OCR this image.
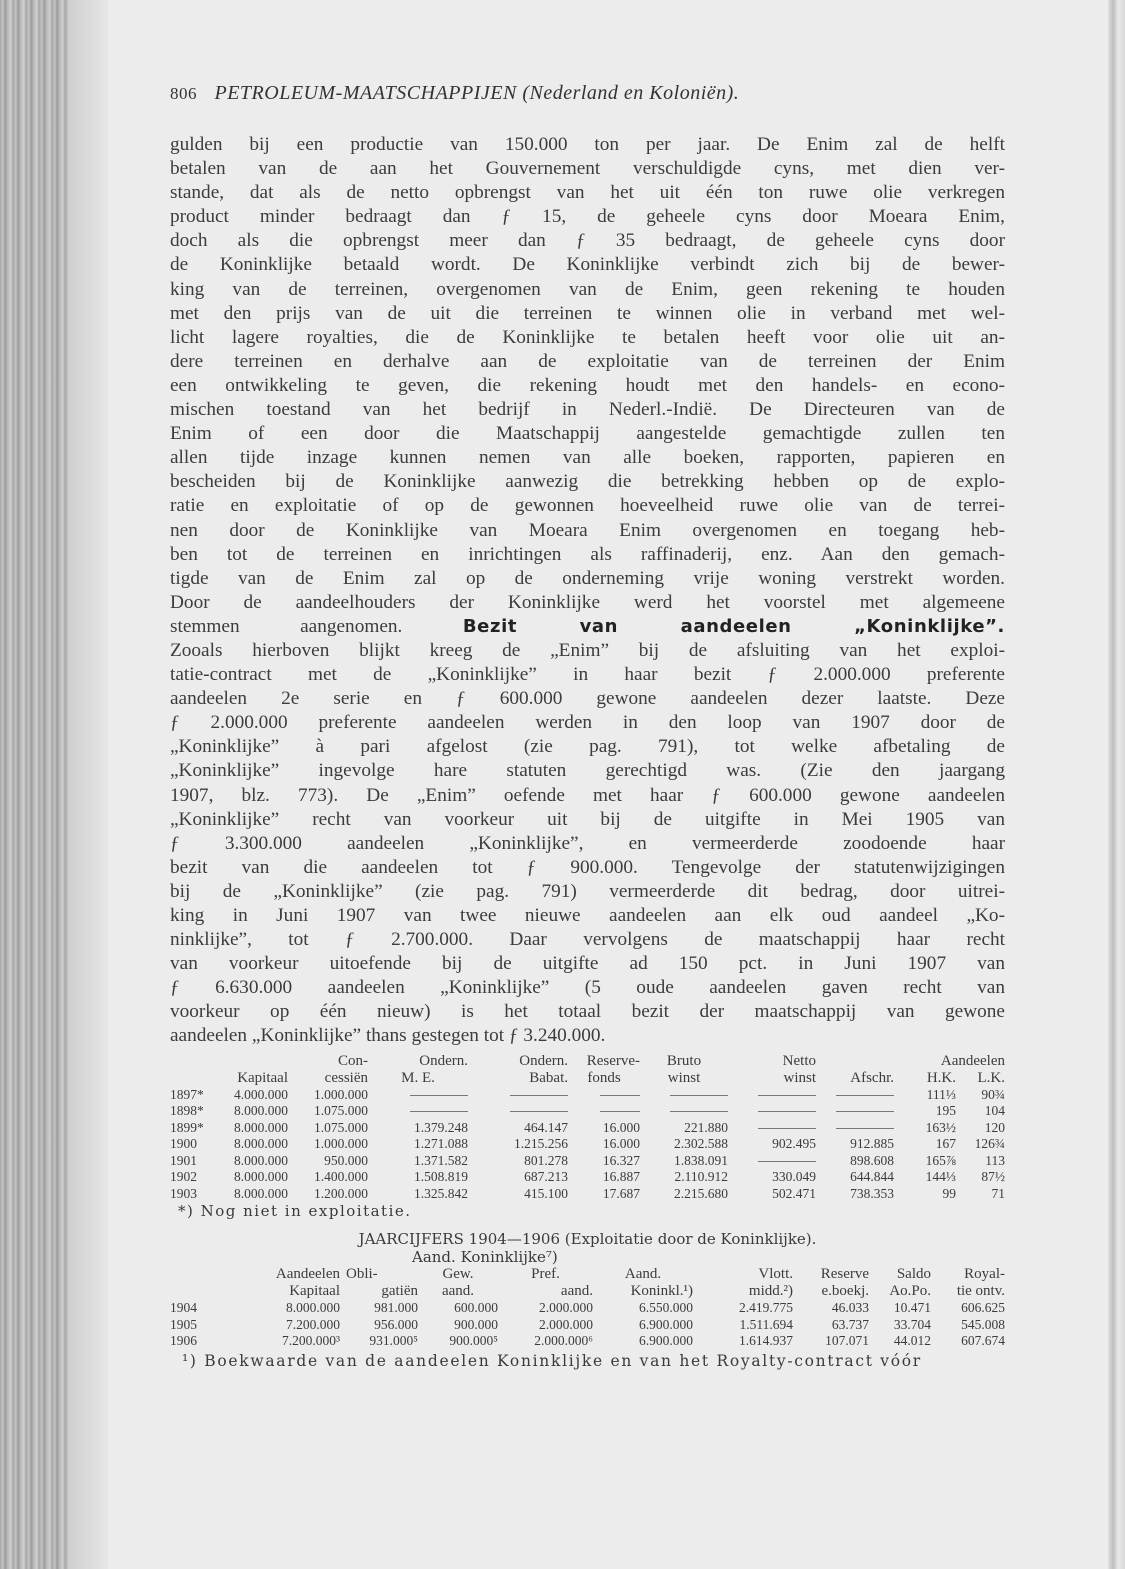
806 PETROLEUM-MAATSCHAPPIJEN (Nederland en Koloniën).
gulden bij een productie van 150.000 ton per jaar. De Enim zal de helft
betalen van de aan het Gouvernement verschuldigde cyns, met dien ver-
stande, dat als de netto opbrengst van het uit één ton ruwe olie verkregen
product minder bedraagt dan ƒ 15, de geheele cyns door Moeara Enim,
doch als die opbrengst meer dan ƒ 35 bedraagt, de geheele cyns door
de Koninklijke betaald wordt. De Koninklijke verbindt zich bij de bewer-
king van de terreinen, overgenomen van de Enim, geen rekening te houden
met den prijs van de uit die terreinen te winnen olie in verband met wel-
licht lagere royalties, die de Koninklijke te betalen heeft voor olie uit an-
dere terreinen en derhalve aan de exploitatie van de terreinen der Enim
een ontwikkeling te geven, die rekening houdt met den handels- en econo-
mischen toestand van het bedrijf in Nederl.-Indië. De Directeuren van de
Enim of een door die Maatschappij aangestelde gemachtigde zullen ten
allen tijde inzage kunnen nemen van alle boeken, rapporten, papieren en
bescheiden bij de Koninklijke aanwezig die betrekking hebben op de explo-
ratie en exploitatie of op de gewonnen hoeveelheid ruwe olie van de terrei-
nen door de Koninklijke van Moeara Enim overgenomen en toegang heb-
ben tot de terreinen en inrichtingen als raffinaderij, enz. Aan den gemach-
tigde van de Enim zal op de onderneming vrije woning verstrekt worden.
Door de aandeelhouders der Koninklijke werd het voorstel met algemeene
stemmen aangenomen.	Bezit van aandeelen „Koninklijke”.
Zooals hierboven blijkt kreeg de „Enim” bij de afsluiting van het exploi-
tatie-contract met de „Koninklijke” in haar bezit ƒ 2.000.000 preferente
aandeelen 2e serie en ƒ 600.000 gewone aandeelen dezer laatste. Deze
ƒ 2.000.000 preferente aandeelen werden in den loop van 1907 door de
„Koninklijke” à pari afgelost (zie pag. 791), tot welke afbetaling de
„Koninklijke” ingevolge hare statuten gerechtigd was. (Zie den jaargang
1907, blz. 773). De „Enim” oefende met haar ƒ 600.000 gewone aandeelen
„Koninklijke” recht van voorkeur uit bij de uitgifte in Mei 1905 van
ƒ 3.300.000 aandeelen „Koninklijke”, en vermeerderde zoodoende haar
bezit van die aandeelen tot ƒ 900.000. Tengevolge der statutenwijzigingen
bij de „Koninklijke” (zie pag. 791) vermeerderde dit bedrag, door uitrei-
king in Juni 1907 van twee nieuwe aandeelen aan elk oud aandeel „Ko-
ninklijke”, tot ƒ 2.700.000. Daar vervolgens de maatschappij haar recht
van voorkeur uitoefende bij de uitgifte ad 150 pct. in Juni 1907 van
ƒ 6.630.000 aandeelen „Koninklijke” (5 oude aandeelen gaven recht van
voorkeur op één nieuw) is het totaal bezit der maatschappij van gewone
aandeelen „Koninklijke” thans gestegen tot ƒ 3.240.000.
		Con-	Ondern.	Ondern.	Reserve-	Bruto	Netto		Aandeelen	
	Kapitaal	cessiën	M. E.	Babat.	fonds	winst	winst	Afschr.	H.K.	L.K.
1897*	4.000.000	1.000.000							111⅓	90¾
1898*	8.000.000	1.075.000							195	104
1899*	8.000.000	1.075.000	1.379.248	464.147	16.000	221.880			163½	120
1900	8.000.000	1.000.000	1.271.088	1.215.256	16.000	2.302.588	902.495	912.885	167	126¾
1901	8.000.000	950.000	1.371.582	801.278	16.327	1.838.091		898.608	165⅞	113
1902	8.000.000	1.400.000	1.508.819	687.213	16.887	2.110.912	330.049	644.844	144⅓	87½
1903	8.000.000	1.200.000	1.325.842	415.100	17.687	2.215.680	502.471	738.353	99	71
*) Nog niet in exploitatie.
JAARCIJFERS 1904—1906 (Exploitatie door de Koninklijke).
Aand. Koninklijke⁷)
	Aandeelen	Obli-	Gew.	Pref.	Aand.	Vlott.	Reserve	Saldo	Royal-
	Kapitaal	gatiën	aand.	aand.	Koninkl.¹)	midd.²)	e.boekj.	Ao.Po.	tie ontv.
1904	8.000.000	981.000	600.000	2.000.000	6.550.000	2.419.775	46.033	10.471	606.625
1905	7.200.000	956.000	900.000	2.000.000	6.900.000	1.511.694	63.737	33.704	545.008
1906	7.200.000³	931.000⁵	900.000⁵	2.000.000⁶	6.900.000	1.614.937	107.071	44.012	607.674
¹) Boekwaarde van de aandeelen Koninklijke en van het Royalty-contract vóór
